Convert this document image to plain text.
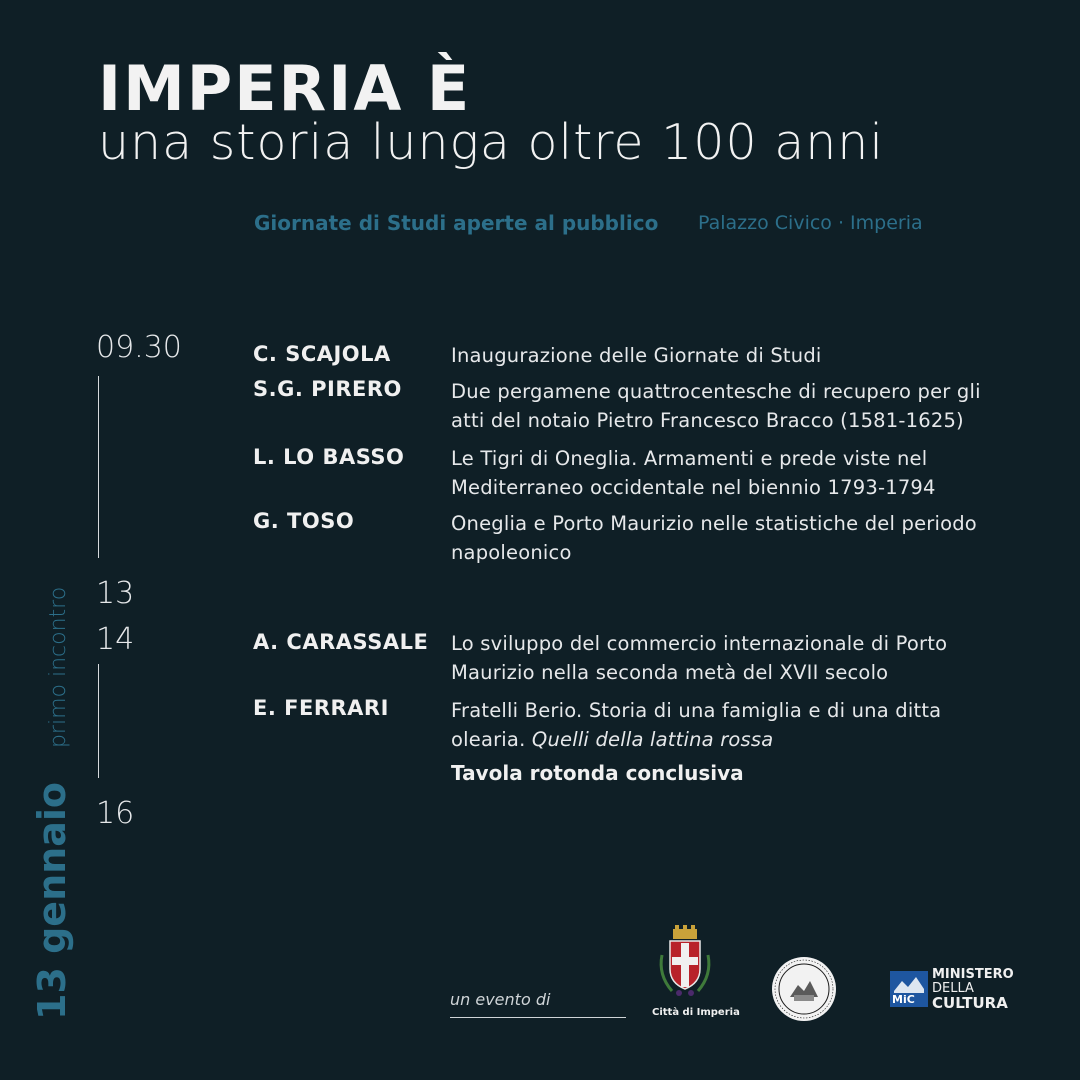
IMPERIA È
una storia lunga oltre 100 anni
Giornate di Studi aperte al pubblico Palazzo Civico · Imperia
13 gennaioprimo incontro
09.30
13
14
16
C. SCAJOLA	Inaugurazione delle Giornate di Studi
S.G. PIRERO	Due pergamene quattrocentesche di recupero per gli atti del notaio Pietro Francesco Bracco (1581-1625)
L. LO BASSO Le Tigri di Oneglia. Armamenti e prede viste nel Mediterraneo occidentale nel biennio 1793-1794
G. TOSO	Oneglia e Porto Maurizio nelle statistiche del periodo napoleonico
A. CARASSALE Lo sviluppo del commercio internazionale di Porto Maurizio nella seconda metà del XVII secolo
E. FERRARI	Fratelli Berio. Storia di una famiglia e di una ditta olearia. Quelli della lattina rossa
Tavola rotonda conclusiva
un evento di
Città di Imperia
MiC
MINISTERO
DELLA
CULTURA
